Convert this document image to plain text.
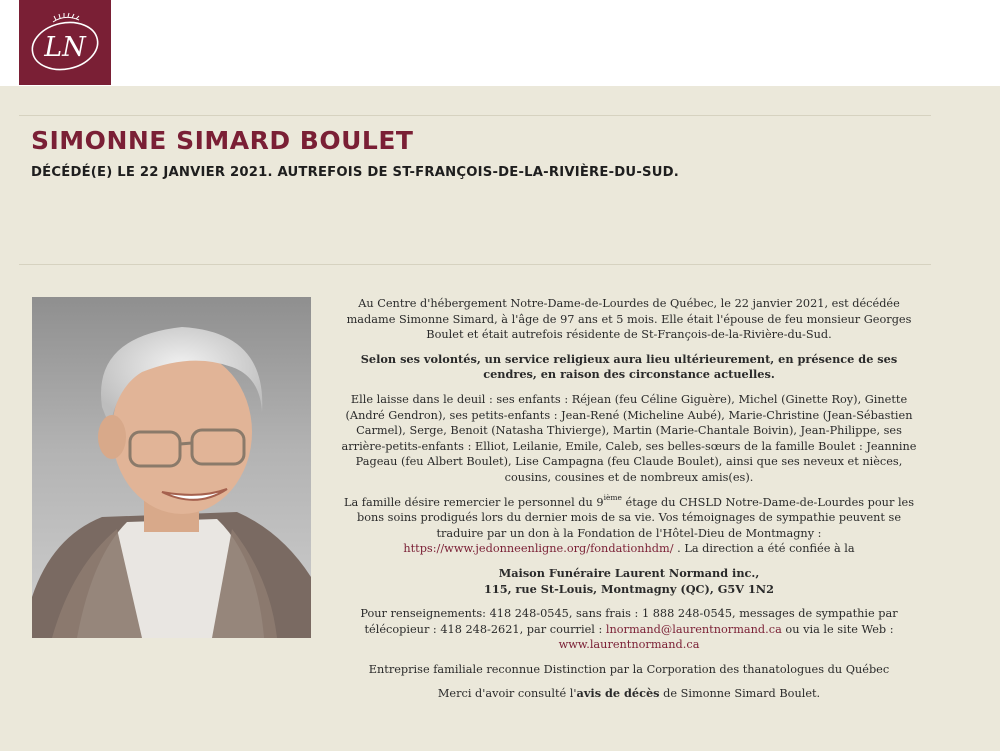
LN
SIMONNE SIMARD BOULET
DÉCÉDÉ(E) LE 22 JANVIER 2021. AUTREFOIS DE ST-FRANÇOIS-DE-LA-RIVIÈRE-DU-SUD.

Au Centre d'hébergement Notre-Dame-de-Lourdes de Québec, le 22 janvier 2021, est décédée madame Simonne Simard, à l'âge de 97 ans et 5 mois. Elle était l'épouse de feu monsieur Georges Boulet et était autrefois résidente de St-François-de-la-Rivière-du-Sud.

Selon ses volontés, un service religieux aura lieu ultérieurement, en présence de ses cendres, en raison des circonstance actuelles.

Elle laisse dans le deuil : ses enfants : Réjean (feu Céline Giguère), Michel (Ginette Roy), Ginette (André Gendron), ses petits-enfants : Jean-René (Micheline Aubé), Marie-Christine (Jean-Sébastien Carmel), Serge, Benoit (Natasha Thivierge), Martin (Marie-Chantale Boivin), Jean-Philippe, ses arrière-petits-enfants : Elliot, Leilanie, Emile, Caleb, ses belles-sœurs de la famille Boulet : Jeannine Pageau (feu Albert Boulet), Lise Campagna (feu Claude Boulet), ainsi que ses neveux et nièces, cousins, cousines et de nombreux amis(es).

La famille désire remercier le personnel du 9ième étage du CHSLD Notre-Dame-de-Lourdes pour les bons soins prodigués lors du dernier mois de sa vie. Vos témoignages de sympathie peuvent se traduire par un don à la Fondation de l'Hôtel-Dieu de Montmagny : https://www.jedonneenligne.org/fondationhdm/ . La direction a été confiée à la

Maison Funéraire Laurent Normand inc.,
115, rue St-Louis, Montmagny (QC), G5V 1N2

Pour renseignements: 418 248-0545, sans frais : 1 888 248-0545, messages de sympathie par télécopieur : 418 248-2621, par courriel : lnormand@laurentnormand.ca ou via le site Web : www.laurentnormand.ca

Entreprise familiale reconnue Distinction par la Corporation des thanatologues du Québec

Merci d'avoir consulté l'avis de décès de Simonne Simard Boulet.
